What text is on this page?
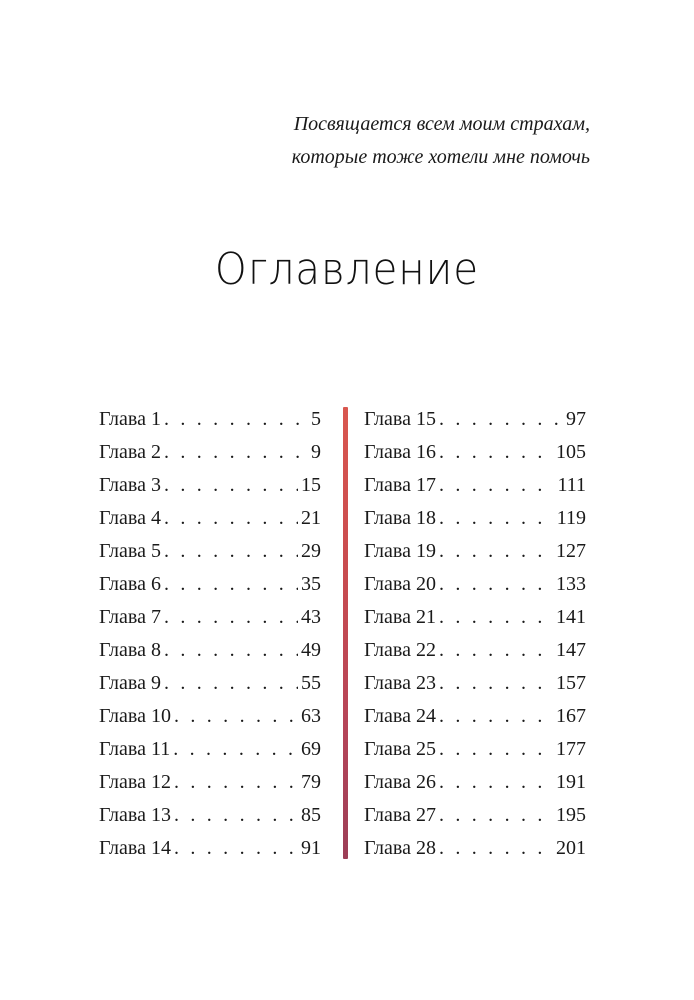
Посвящается всем моим страхам,
которые тоже хотели мне помочь
Оглавление
Глава 1 . . .	5
Глава 2 . . .	9
Глава 3 . . .	15
Глава 4 . . .	21
Глава 5 . . .	29
Глава 6 . . .	35
Глава 7 . . .	43
Глава 8 . . .	49
Глава 9 . . .	55
Глава 10 . . .	63
Глава 11 . . .	69
Глава 12 . . .	79
Глава 13 . . .	85
Глава 14 . . .	91
Глава 15 . . .	97
Глава 16 . . .	105
Глава 17 . . .	111
Глава 18 . . .	119
Глава 19 . . .	127
Глава 20 . . .	133
Глава 21 . . .	141
Глава 22 . . .	147
Глава 23 . . .	157
Глава 24 . . .	167
Глава 25 . . .	177
Глава 26 . . .	191
Глава 27 . . .	195
Глава 28 . . .	201
